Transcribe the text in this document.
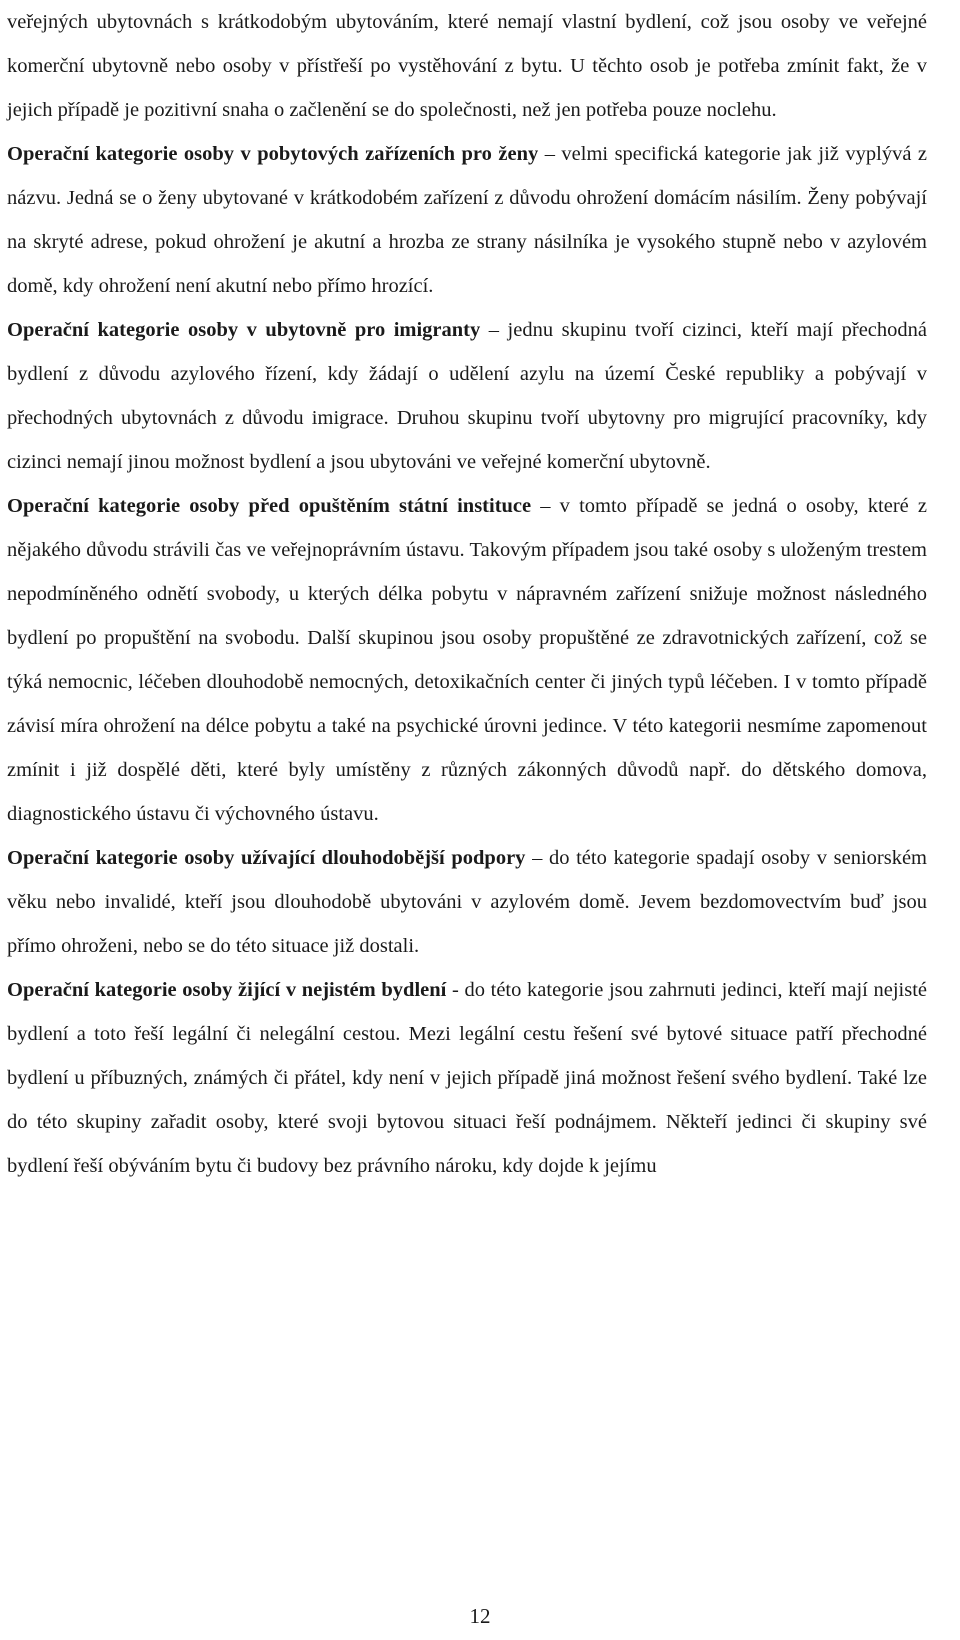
veřejných ubytovnách s krátkodobým ubytováním, které nemají vlastní bydlení, což jsou osoby ve veřejné komerční ubytovně nebo osoby v přístřeší po vystěhování z bytu. U těchto osob je potřeba zmínit fakt, že v jejich případě je pozitivní snaha o začlenění se do společnosti, než jen potřeba pouze noclehu.

Operační kategorie osoby v pobytových zařízeních pro ženy – velmi specifická kategorie jak již vyplývá z názvu. Jedná se o ženy ubytované v krátkodobém zařízení z důvodu ohrožení domácím násilím. Ženy pobývají na skryté adrese, pokud ohrožení je akutní a hrozba ze strany násilníka je vysokého stupně nebo v azylovém domě, kdy ohrožení není akutní nebo přímo hrozící.

Operační kategorie osoby v ubytovně pro imigranty – jednu skupinu tvoří cizinci, kteří mají přechodná bydlení z důvodu azylového řízení, kdy žádají o udělení azylu na území České republiky a pobývají v přechodných ubytovnách z důvodu imigrace. Druhou skupinu tvoří ubytovny pro migrující pracovníky, kdy cizinci nemají jinou možnost bydlení a jsou ubytováni ve veřejné komerční ubytovně.

Operační kategorie osoby před opuštěním státní instituce – v tomto případě se jedná o osoby, které z nějakého důvodu strávili čas ve veřejnoprávním ústavu. Takovým případem jsou také osoby s uloženým trestem nepodmíněného odnětí svobody, u kterých délka pobytu v nápravném zařízení snižuje možnost následného bydlení po propuštění na svobodu. Další skupinou jsou osoby propuštěné ze zdravotnických zařízení, což se týká nemocnic, léčeben dlouhodobě nemocných, detoxikačních center či jiných typů léčeben. I v tomto případě závisí míra ohrožení na délce pobytu a také na psychické úrovni jedince. V této kategorii nesmíme zapomenout zmínit i již dospělé děti, které byly umístěny z různých zákonných důvodů např. do dětského domova, diagnostického ústavu či výchovného ústavu.

Operační kategorie osoby užívající dlouhodobější podpory – do této kategorie spadají osoby v seniorském věku nebo invalidé, kteří jsou dlouhodobě ubytováni v azylovém domě. Jevem bezdomovectvím buď jsou přímo ohroženi, nebo se do této situace již dostali.

Operační kategorie osoby žijící v nejistém bydlení - do této kategorie jsou zahrnuti jedinci, kteří mají nejisté bydlení a toto řeší legální či nelegální cestou. Mezi legální cestu řešení své bytové situace patří přechodné bydlení u příbuzných, známých či přátel, kdy není v jejich případě jiná možnost řešení svého bydlení. Také lze do této skupiny zařadit osoby, které svoji bytovou situaci řeší podnájmem. Někteří jedinci či skupiny své bydlení řeší obýváním bytu či budovy bez právního nároku, kdy dojde k jejímu

12
